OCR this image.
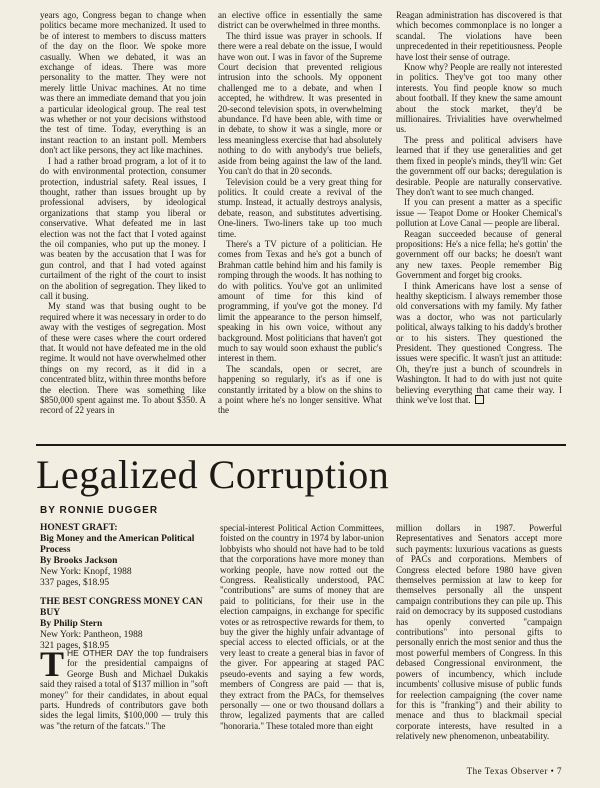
years ago, Congress began to change when politics became more mechanized. It used to be of interest to members to discuss matters of the day on the floor. We spoke more casually. When we debated, it was an exchange of ideas. There was more personality to the matter. They were not merely little Univac machines. At no time was there an immediate demand that you join a particular ideological group. The real test was whether or not your decisions withstood the test of time. Today, everything is an instant reaction to an instant poll. Members don't act like persons, they act like machines.

I had a rather broad program, a lot of it to do with environmental protection, consumer protection, industrial safety. Real issues, I thought, rather than issues brought up by professional advisers, by ideological organizations that stamp you liberal or conservative. What defeated me in last election was not the fact that I voted against the oil companies, who put up the money. I was beaten by the accusation that I was for gun control, and that I had voted against curtailment of the right of the court to insist on the abolition of segregation. They liked to call it busing.

My stand was that busing ought to be required where it was necessary in order to do away with the vestiges of segregation. Most of these were cases where the court ordered that. It would not have defeated me in the old regime. It would not have overwhelmed other things on my record, as it did in a concentrated blitz, within three months before the election. There was something like $850,000 spent against me. To about $350. A record of 22 years in

an elective office in essentially the same district can be overwhelmed in three months.

The third issue was prayer in schools. If there were a real debate on the issue, I would have won out. I was in favor of the Supreme Court decision that prevented religious intrusion into the schools. My opponent challenged me to a debate, and when I accepted, he withdrew. It was presented in 20-second television spots, in overwhelming abundance. I'd have been able, with time or in debate, to show it was a single, more or less meaningless exercise that had absolutely nothing to do with anybody's true beliefs, aside from being against the law of the land. You can't do that in 20 seconds.

Television could be a very great thing for politics. It could create a revival of the stump. Instead, it actually destroys analysis, debate, reason, and substitutes advertising. One-liners. Two-liners take up too much time.

There's a TV picture of a politician. He comes from Texas and he's got a bunch of Brahman cattle behind him and his family is romping through the woods. It has nothing to do with politics. You've got an unlimited amount of time for this kind of programming, if you've got the money. I'd limit the appearance to the person himself, speaking in his own voice, without any background. Most politicians that haven't got much to say would soon exhaust the public's interest in them.

The scandals, open or secret, are happening so regularly, it's as if one is constantly irritated by a blow on the shins to a point where he's no longer sensitive. What the

Reagan administration has discovered is that which becomes commonplace is no longer a scandal. The violations have been unprecedented in their repetitiousness. People have lost their sense of outrage.

Know why? People are really not interested in politics. They've got too many other interests. You find people know so much about football. If they knew the same amount about the stock market, they'd be millionaires. Trivialities have overwhelmed us.

The press and political advisers have learned that if they use generalities and get them fixed in people's minds, they'll win: Get the government off our backs; deregulation is desirable. People are naturally conservative. They don't want to see much changed.

If you can present a matter as a specific issue — Teapot Dome or Hooker Chemical's pollution at Love Canal — people are liberal.

Reagan succeeded because of general propositions: He's a nice fella; he's gottin' the government off our backs; he doesn't want any new taxes. People remember Big Government and forget big crooks.

I think Americans have lost a sense of healthy skepticism. I always remember those old conversations with my family. My father was a doctor, who was not particularly political, always talking to his daddy's brother or to his sisters. They questioned the President. They questioned Congress. The issues were specific. It wasn't just an attitude: Oh, they're just a bunch of scoundrels in Washington. It had to do with just not quite believing everything that came their way. I think we've lost that.

Legalized Corruption

BY RONNIE DUGGER

HONEST GRAFT:

Big Money and the American Political Process

By Brooks Jackson

New York: Knopf, 1988

337 pages, $18.95

THE BEST CONGRESS MONEY CAN BUY

By Philip Stern

New York: Pantheon, 1988

321 pages, $18.95

THE OTHER DAY the top fundraisers for the presidential campaigns of George Bush and Michael Dukakis said they raised a total of $137 million in "soft money" for their candidates, in about equal parts. Hundreds of contributors gave both sides the legal limits, $100,000 — truly this was "the return of the fatcats." The

special-interest Political Action Committees, foisted on the country in 1974 by labor-union lobbyists who should not have had to be told that the corporations have more money than working people, have now rotted out the Congress. Realistically understood, PAC "contributions" are sums of money that are paid to politicians, for their use in the election campaigns, in exchange for specific votes or as retrospective rewards for them, to buy the giver the highly unfair advantage of special access to elected officials, or at the very least to create a general bias in favor of the giver. For appearing at staged PAC pseudo-events and saying a few words, members of Congress are paid — that is, they extract from the PACs, for themselves personally — one or two thousand dollars a throw, legalized payments that are called "honoraria." These totaled more than eight

million dollars in 1987. Powerful Representatives and Senators accept more such payments: luxurious vacations as guests of PACs and corporations. Members of Congress elected before 1980 have given themselves permission at law to keep for themselves personally all the unspent campaign contributions they can pile up. This raid on democracy by its supposed custodians has openly converted "campaign contributions" into personal gifts to personally enrich the most senior and thus the most powerful members of Congress. In this debased Congressional environment, the powers of incumbency, which include incumbents' collusive misuse of public funds for reelection campaigning (the cover name for this is "franking") and their ability to menace and thus to blackmail special corporate interests, have resulted in a relatively new phenomenon, unbeatability.

The Texas Observer • 7
